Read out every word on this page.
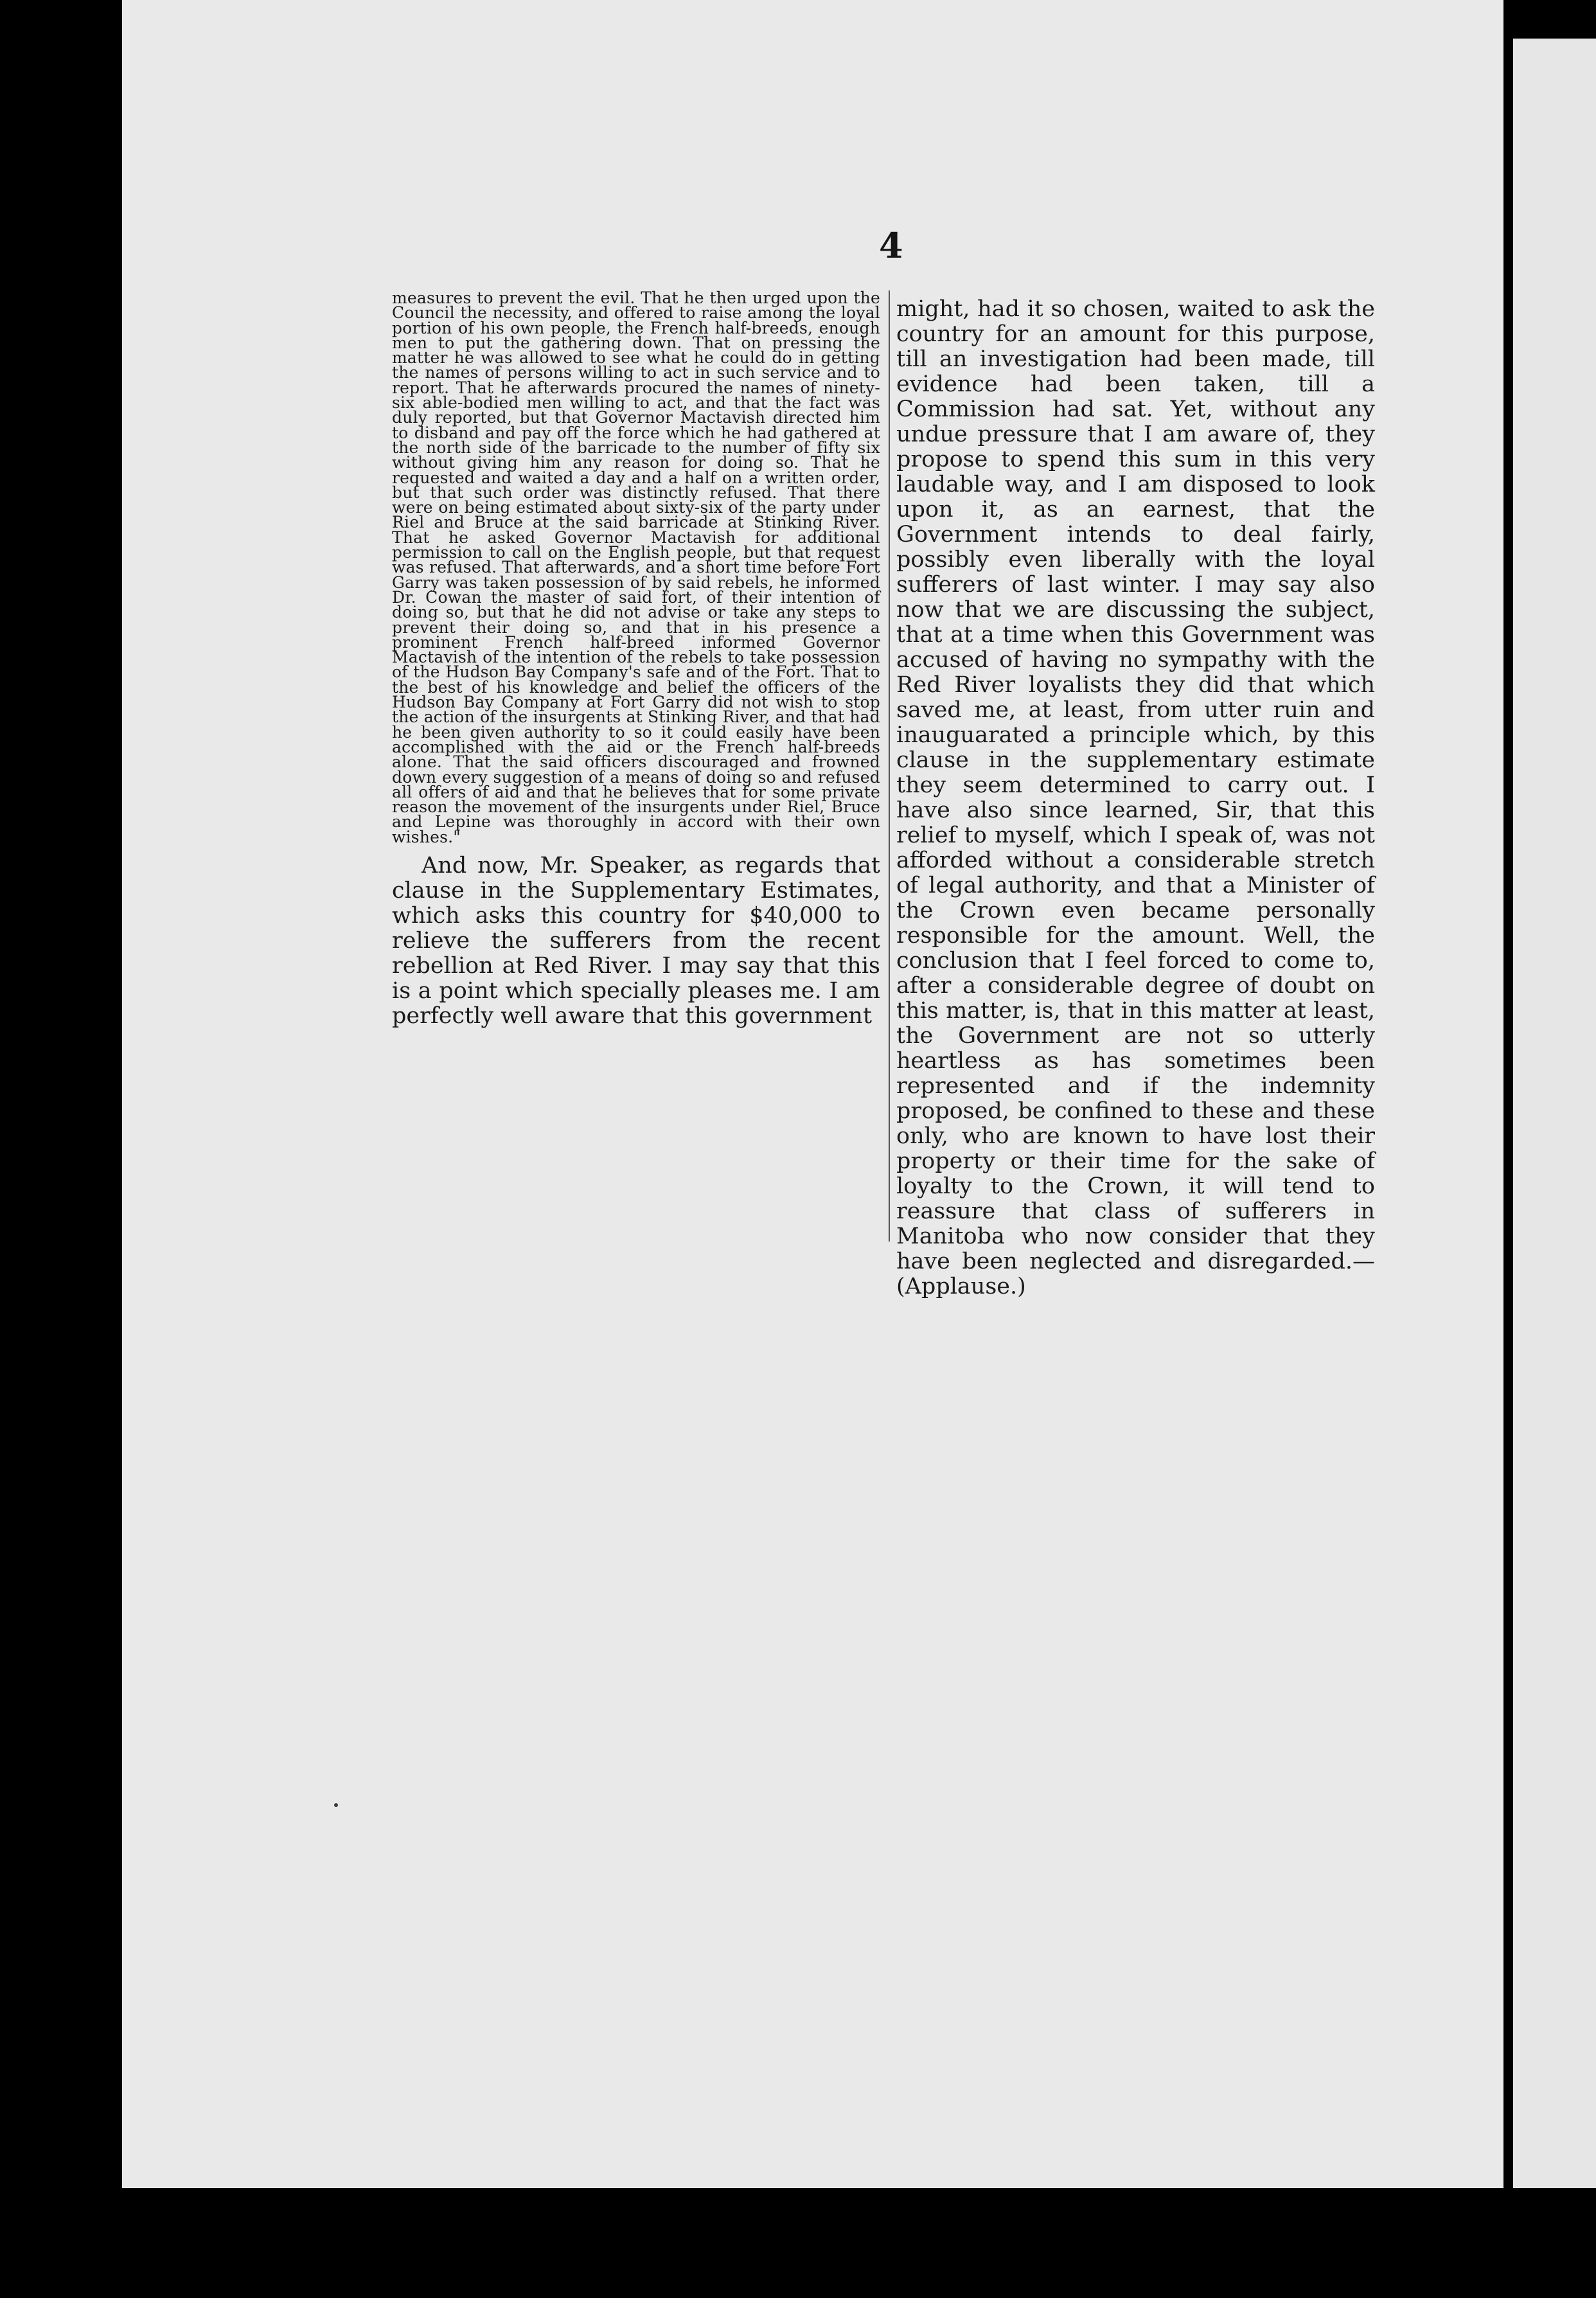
4

measures to prevent the evil. That he then urged upon the Council the necessity, and offered to raise among the loyal portion of his own people, the French half-breeds, enough men to put the gathering down. That on pressing the matter he was allowed to see what he could do in getting the names of persons willing to act in such service and to report. That he afterwards procured the names of ninety-six able-bodied men willing to act, and that the fact was duly reported, but that Governor Mactavish directed him to disband and pay off the force which he had gathered at the north side of the barricade to the number of fifty six without giving him any reason for doing so. That he requested and waited a day and a half on a written order, but that such order was distinctly refused. That there were on being estimated about sixty-six of the party under Riel and Bruce at the said barricade at Stinking River. That he asked Governor Mactavish for additional permission to call on the English people, but that request was refused. That afterwards, and a short time before Fort Garry was taken possession of by said rebels, he informed Dr. Cowan the master of said fort, of their intention of doing so, but that he did not advise or take any steps to prevent their doing so, and that in his presence a prominent French half-breed informed Governor Mactavish of the intention of the rebels to take possession of the Hudson Bay Company's safe and of the Fort. That to the best of his knowledge and belief the officers of the Hudson Bay Company at Fort Garry did not wish to stop the action of the insurgents at Stinking River, and that had he been given authority to so it could easily have been accomplished with the aid or the French half-breeds alone. That the said officers discouraged and frowned down every suggestion of a means of doing so and refused all offers of aid and that he believes that for some private reason the movement of the insurgents under Riel, Bruce and Lepine was thoroughly in accord with their own wishes."

And now, Mr. Speaker, as regards that clause in the Supplementary Estimates, which asks this country for $40,000 to relieve the sufferers from the recent rebellion at Red River. I may say that this is a point which specially pleases me. I am perfectly well aware that this government

might, had it so chosen, waited to ask the country for an amount for this purpose, till an investigation had been made, till evidence had been taken, till a Commission had sat. Yet, without any undue pressure that I am aware of, they propose to spend this sum in this very laudable way, and I am disposed to look upon it, as an earnest, that the Government intends to deal fairly, possibly even liberally with the loyal sufferers of last winter. I may say also now that we are discussing the subject, that at a time when this Government was accused of having no sympathy with the Red River loyalists they did that which saved me, at least, from utter ruin and inauguarated a principle which, by this clause in the supplementary estimate they seem determined to carry out. I have also since learned, Sir, that this relief to myself, which I speak of, was not afforded without a considerable stretch of legal authority, and that a Minister of the Crown even became personally responsible for the amount. Well, the conclusion that I feel forced to come to, after a considerable degree of doubt on this matter, is, that in this matter at least, the Government are not so utterly heartless as has sometimes been represented and if the indemnity proposed, be confined to these and these only, who are known to have lost their property or their time for the sake of loyalty to the Crown, it will tend to reassure that class of sufferers in Manitoba who now consider that they have been neglected and disregarded.—(Applause.)
